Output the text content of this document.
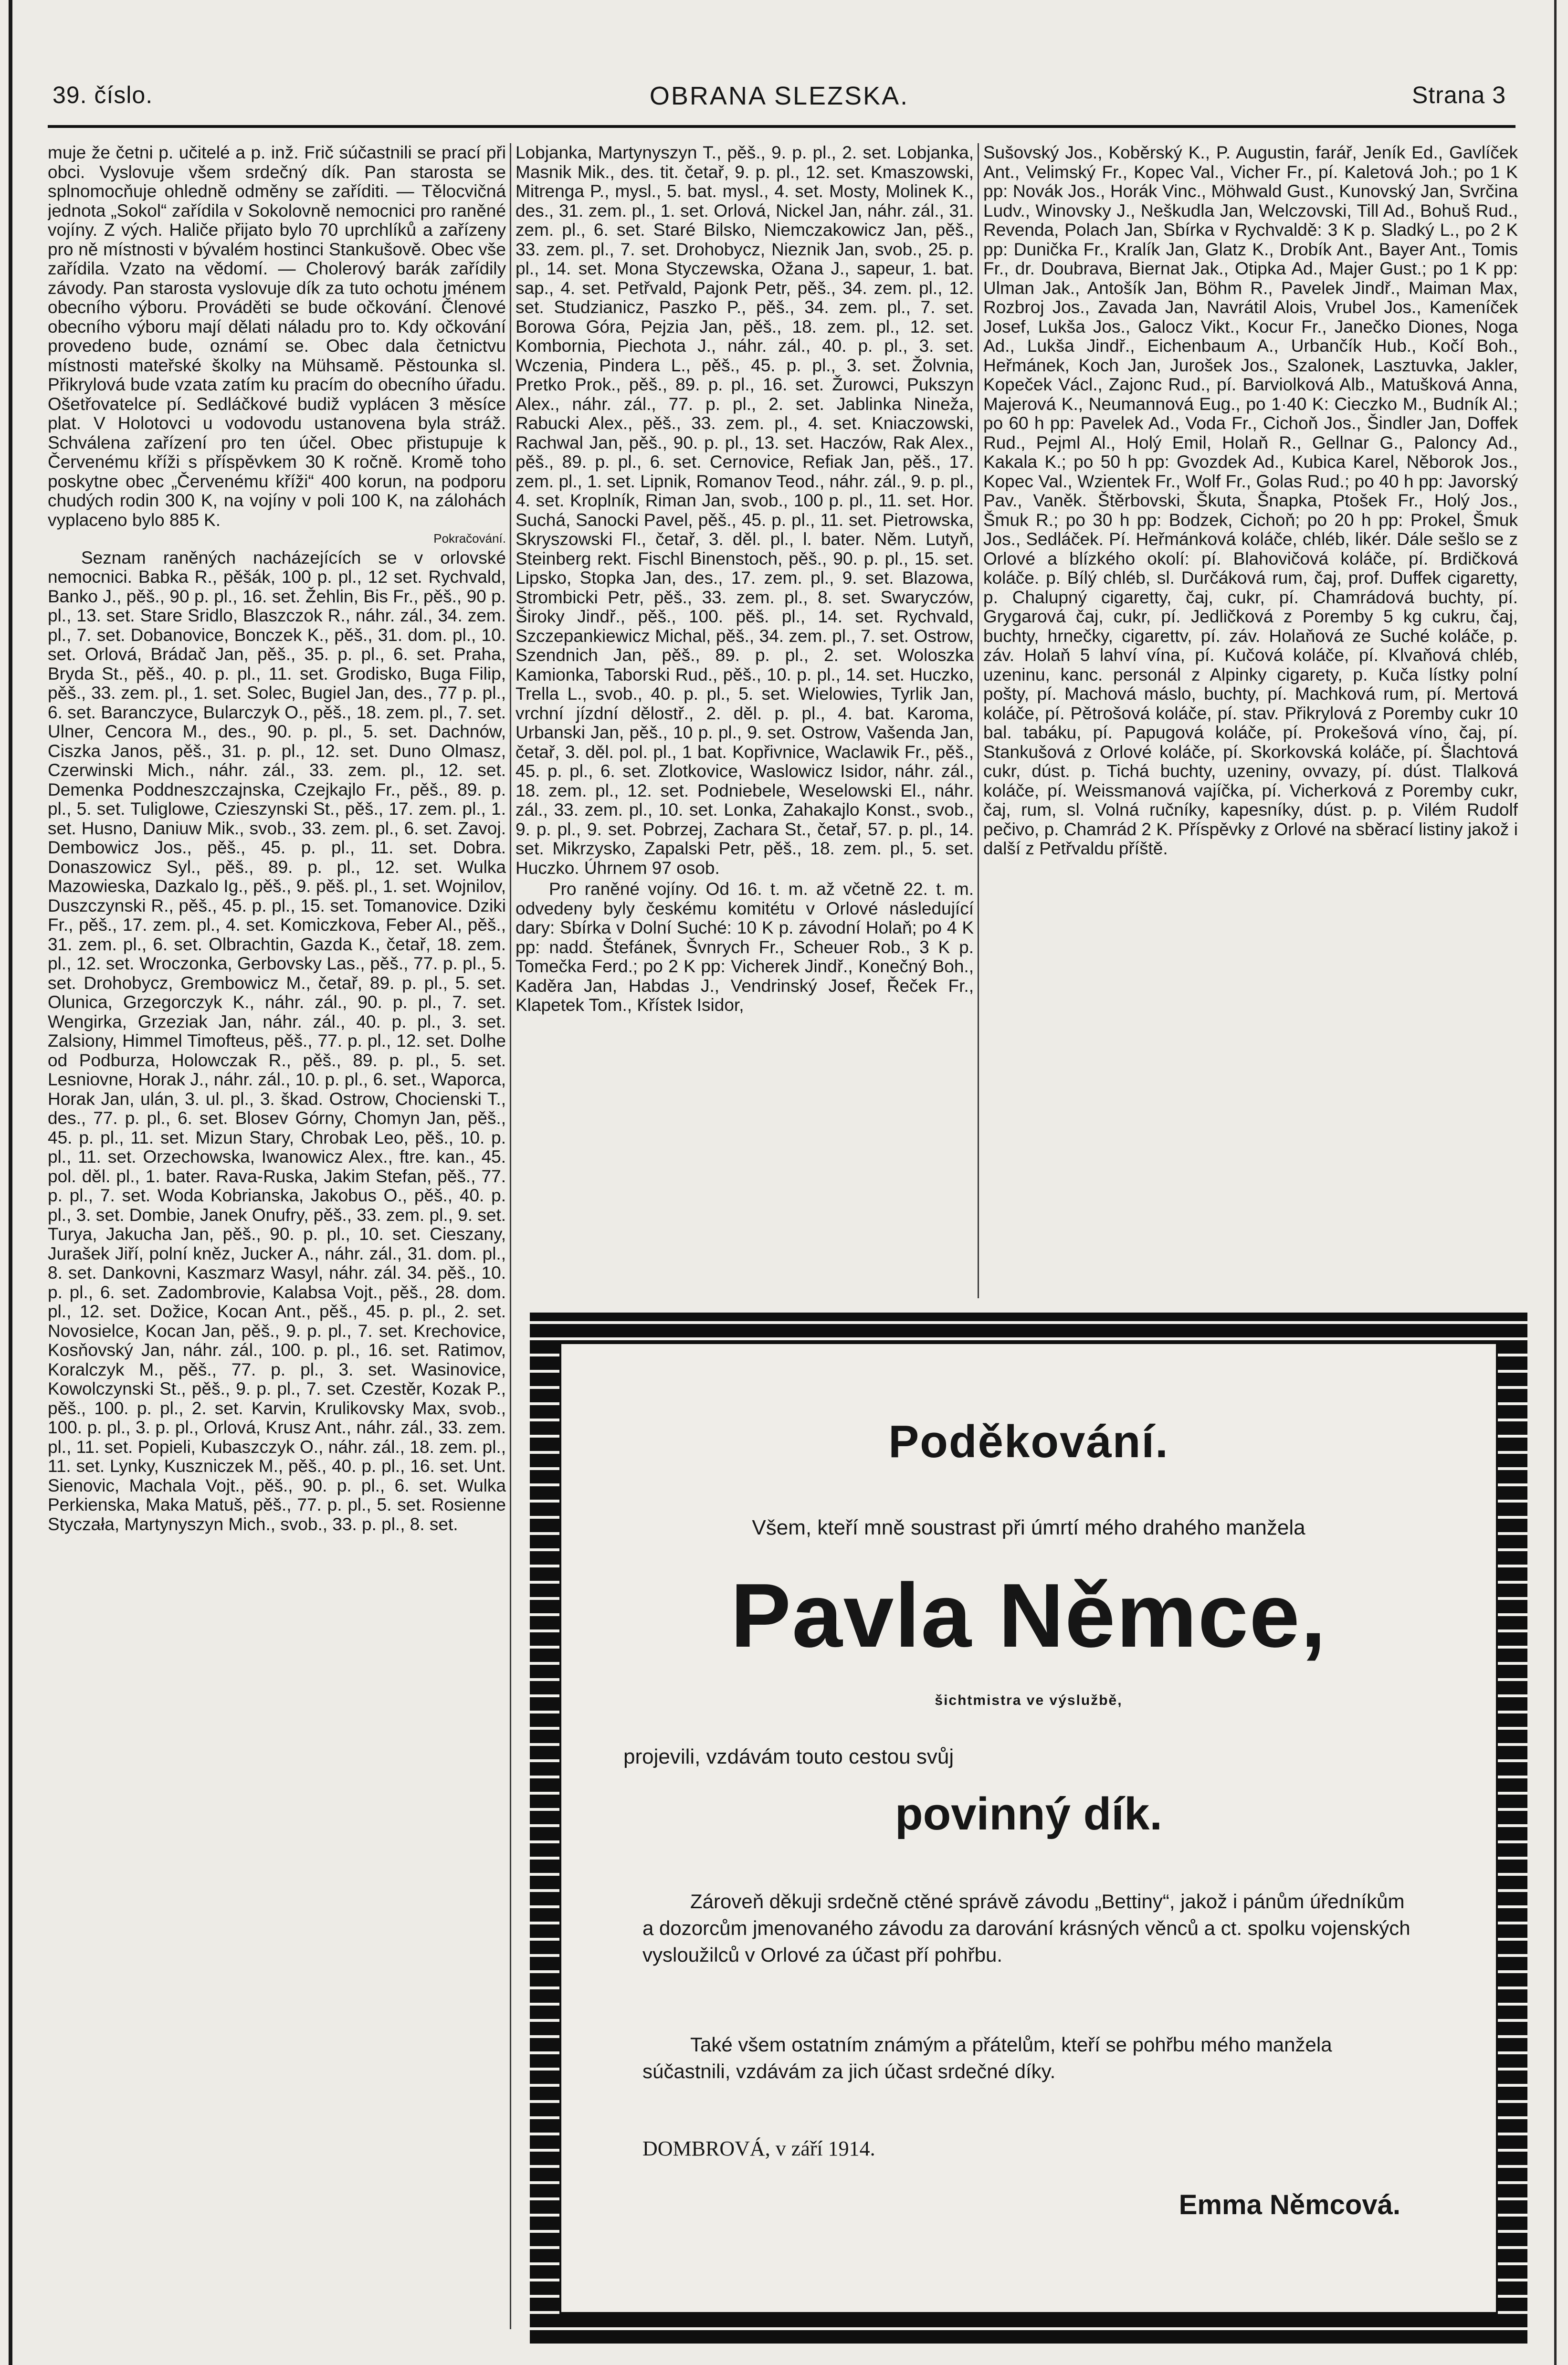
39. číslo.	OBRANA SLEZSKA.	Strana 3

muje že četni p. učitelé a p. inž. Frič súčastnili se prací při obci. Vyslovuje všem srdečný dík. Pan starosta se splnomocňuje ohledně odměny se zaříditi. — Tělocvičná jednota „Sokol“ zařídila v Sokolovně nemocnici pro raněné vojíny. Z vých. Haliče přijato bylo 70 uprchlíků a zařízeny pro ně místnosti v bývalém hostinci Stankušově. Obec vše zařídila. Vzato na vědomí. — Cholerový barák zařídily závody. Pan starosta vyslovuje dík za tuto ochotu jménem obecního výboru. Prováděti se bude očkování. Členové obecního výboru mají dělati náladu pro to. Kdy očkování provedeno bude, oznámí se. Obec dala četnictvu místnosti mateřské školky na Mühsamě. Pěstounka sl. Přikrylová bude vzata zatím ku pracím do obecního úřadu. Ošetřovatelce pí. Sedláčkové budiž vyplácen 3 měsíce plat. V Holotovci u vodovodu ustanovena byla stráž. Schválena zařízení pro ten účel. Obec přistupuje k Červenému kříži s příspěvkem 30 K ročně. Kromě toho poskytne obec „Červenému kříži“ 400 korun, na podporu chudých rodin 300 K, na vojíny v poli 100 K, na zálohách vyplaceno bylo 885 K.

Pokračování.

Seznam raněných nacházejících se v orlovské nemocnici. Babka R., pěšák, 100 p. pl., 12 set. Rychvald, Banko J., pěš., 90 p. pl., 16. set. Žehlin, Bis Fr., pěš., 90 p. pl., 13. set. Stare Sridlo, Blaszczok R., náhr. zál., 34. zem. pl., 7. set. Dobanovice, Bonczek K., pěš., 31. dom. pl., 10. set. Orlová, Brádač Jan, pěš., 35. p. pl., 6. set. Praha, Bryda St., pěš., 40. p. pl., 11. set. Grodisko, Buga Filip, pěš., 33. zem. pl., 1. set. Solec, Bugiel Jan, des., 77 p. pl., 6. set. Baranczyce, Bularczyk O., pěš., 18. zem. pl., 7. set. Ulner, Cencora M., des., 90. p. pl., 5. set. Dachnów, Ciszka Janos, pěš., 31. p. pl., 12. set. Duno Olmasz, Czerwinski Mich., náhr. zál., 33. zem. pl., 12. set. Demenka Poddneszczajnska, Czejkajlo Fr., pěš., 89. p. pl., 5. set. Tuliglowe, Czieszynski St., pěš., 17. zem. pl., 1. set. Husno, Daniuw Mik., svob., 33. zem. pl., 6. set. Zavoj. Dembowicz Jos., pěš., 45. p. pl., 11. set. Dobra. Donaszowicz Syl., pěš., 89. p. pl., 12. set. Wulka Mazowieska, Dazkalo Ig., pěš., 9. pěš. pl., 1. set. Wojnilov, Duszczynski R., pěš., 45. p. pl., 15. set. Tomanovice. Dziki Fr., pěš., 17. zem. pl., 4. set. Komiczkova, Feber Al., pěš., 31. zem. pl., 6. set. Olbrachtin, Gazda K., četař, 18. zem. pl., 12. set. Wroczonka, Gerbovsky Las., pěš., 77. p. pl., 5. set. Drohobycz, Grembowicz M., četař, 89. p. pl., 5. set. Olunica, Grzegorczyk K., náhr. zál., 90. p. pl., 7. set. Wengirka, Grzeziak Jan, náhr. zál., 40. p. pl., 3. set. Zalsiony, Himmel Timofteus, pěš., 77. p. pl., 12. set. Dolhe od Podburza, Holowczak R., pěš., 89. p. pl., 5. set. Lesniovne, Horak J., náhr. zál., 10. p. pl., 6. set., Waporca, Horak Jan, ulán, 3. ul. pl., 3. škad. Ostrow, Chocienski T., des., 77. p. pl., 6. set. Blosev Górny, Chomyn Jan, pěš., 45. p. pl., 11. set. Mizun Stary, Chrobak Leo, pěš., 10. p. pl., 11. set. Orzechowska, Iwanowicz Alex., ftre. kan., 45. pol. děl. pl., 1. bater. Rava-Ruska, Jakim Stefan, pěš., 77. p. pl., 7. set. Woda Kobrianska, Jakobus O., pěš., 40. p. pl., 3. set. Dombie, Janek Onufry, pěš., 33. zem. pl., 9. set. Turya, Jakucha Jan, pěš., 90. p. pl., 10. set. Cieszany, Jurašek Jiří, polní kněz, Jucker A., náhr. zál., 31. dom. pl., 8. set. Dankovni, Kaszmarz Wasyl, náhr. zál. 34. pěš., 10. p. pl., 6. set. Zadombrovie, Kalabsa Vojt., pěš., 28. dom. pl., 12. set. Dožice, Kocan Ant., pěš., 45. p. pl., 2. set. Novosielce, Kocan Jan, pěš., 9. p. pl., 7. set. Krechovice, Kosňovský Jan, náhr. zál., 100. p. pl., 16. set. Ratimov, Koralczyk M., pěš., 77. p. pl., 3. set. Wasinovice, Kowolczynski St., pěš., 9. p. pl., 7. set. Czestěr, Kozak P., pěš., 100. p. pl., 2. set. Karvin, Krulikovsky Max, svob., 100. p. pl., 3. p. pl., Orlová, Krusz Ant., náhr. zál., 33. zem. pl., 11. set. Popieli, Kubaszczyk O., náhr. zál., 18. zem. pl., 11. set. Lynky, Kuszniczek M., pěš., 40. p. pl., 16. set. Unt. Sienovic, Machala Vojt., pěš., 90. p. pl., 6. set. Wulka Perkienska, Maka Matuš, pěš., 77. p. pl., 5. set. Rosienne Styczała, Martynyszyn Mich., svob., 33. p. pl., 8. set.

Lobjanka, Martynyszyn T., pěš., 9. p. pl., 2. set. Lobjanka, Masnik Mik., des. tit. četař, 9. p. pl., 12. set. Kmaszowski, Mitrenga P., mysl., 5. bat. mysl., 4. set. Mosty, Molinek K., des., 31. zem. pl., 1. set. Orlová, Nickel Jan, náhr. zál., 31. zem. pl., 6. set. Staré Bilsko, Niemczakowicz Jan, pěš., 33. zem. pl., 7. set. Drohobycz, Nieznik Jan, svob., 25. p. pl., 14. set. Mona Styczewska, Ožana J., sapeur, 1. bat. sap., 4. set. Petřvald, Pajonk Petr, pěš., 34. zem. pl., 12. set. Studzianicz, Paszko P., pěš., 34. zem. pl., 7. set. Borowa Góra, Pejzia Jan, pěš., 18. zem. pl., 12. set. Kombornia, Piechota J., náhr. zál., 40. p. pl., 3. set. Wczenia, Pindera L., pěš., 45. p. pl., 3. set. Žolvnia, Pretko Prok., pěš., 89. p. pl., 16. set. Žurowci, Pukszyn Alex., náhr. zál., 77. p. pl., 2. set. Jablinka Nineža, Rabucki Alex., pěš., 33. zem. pl., 4. set. Kniaczowski, Rachwal Jan, pěš., 90. p. pl., 13. set. Haczów, Rak Alex., pěš., 89. p. pl., 6. set. Cernovice, Refiak Jan, pěš., 17. zem. pl., 1. set. Lipnik, Romanov Teod., náhr. zál., 9. p. pl., 4. set. Kroplník, Riman Jan, svob., 100 p. pl., 11. set. Hor. Suchá, Sanocki Pavel, pěš., 45. p. pl., 11. set. Pietrowska, Skryszowski Fl., četař, 3. děl. pl., l. bater. Něm. Lutyň, Steinberg rekt. Fischl Binenstoch, pěš., 90. p. pl., 15. set. Lipsko, Stopka Jan, des., 17. zem. pl., 9. set. Blazowa, Strombicki Petr, pěš., 33. zem. pl., 8. set. Swaryczów, Široky Jindř., pěš., 100. pěš. pl., 14. set. Rychvald, Szczepankiewicz Michal, pěš., 34. zem. pl., 7. set. Ostrow, Szendnich Jan, pěš., 89. p. pl., 2. set. Woloszka Kamionka, Taborski Rud., pěš., 10. p. pl., 14. set. Huczko, Trella L., svob., 40. p. pl., 5. set. Wielowies, Tyrlik Jan, vrchní jízdní dělostř., 2. děl. p. pl., 4. bat. Karoma, Urbanski Jan, pěš., 10 p. pl., 9. set. Ostrow, Vašenda Jan, četař, 3. děl. pol. pl., 1 bat. Kopřivnice, Waclawik Fr., pěš., 45. p. pl., 6. set. Zlotkovice, Waslowicz Isidor, náhr. zál., 18. zem. pl., 12. set. Podniebele, Weselowski El., náhr. zál., 33. zem. pl., 10. set. Lonka, Zahakajlo Konst., svob., 9. p. pl., 9. set. Pobrzej, Zachara St., četař, 57. p. pl., 14. set. Mikrzysko, Zapalski Petr, pěš., 18. zem. pl., 5. set. Huczko. Úhrnem 97 osob.

Pro raněné vojíny. Od 16. t. m. až včetně 22. t. m. odvedeny byly českému komitétu v Orlové následující dary: Sbírka v Dolní Suché: 10 K p. závodní Holaň; po 4 K pp: nadd. Štefánek, Švnrych Fr., Scheuer Rob., 3 K p. Tomečka Ferd.; po 2 K pp: Vicherek Jindř., Konečný Boh., Kaděra Jan, Habdas J., Vendrinský Josef, Řeček Fr., Klapetek Tom., Křístek Isidor,

Sušovský Jos., Koběrský K., P. Augustin, farář, Jeník Ed., Gavlíček Ant., Velimský Fr., Kopec Val., Vicher Fr., pí. Kaletová Joh.; po 1 K pp: Novák Jos., Horák Vinc., Möhwald Gust., Kunovský Jan, Svrčina Ludv., Winovsky J., Neškudla Jan, Welczovski, Till Ad., Bohuš Rud., Revenda, Polach Jan, Sbírka v Rychvaldě: 3 K p. Sladký L., po 2 K pp: Dunička Fr., Kralík Jan, Glatz K., Drobík Ant., Bayer Ant., Tomis Fr., dr. Doubrava, Biernat Jak., Otipka Ad., Majer Gust.; po 1 K pp: Ulman Jak., Antošík Jan, Böhm R., Pavelek Jindř., Maiman Max, Rozbroj Jos., Zavada Jan, Navrátil Alois, Vrubel Jos., Kameníček Josef, Lukša Jos., Galocz Vikt., Kocur Fr., Janečko Diones, Noga Ad., Lukša Jindř., Eichenbaum A., Urbančík Hub., Kočí Boh., Heřmánek, Koch Jan, Jurošek Jos., Szalonek, Lasztuvka, Jakler, Kopeček Václ., Zajonc Rud., pí. Barviolková Alb., Matušková Anna, Majerová K., Neumannová Eug., po 1·40 K: Cieczko M., Budník Al.; po 60 h pp: Pavelek Ad., Voda Fr., Cichoň Jos., Šindler Jan, Doffek Rud., Pejml Al., Holý Emil, Holaň R., Gellnar G., Paloncy Ad., Kakala K.; po 50 h pp: Gvozdek Ad., Kubica Karel, Něborok Jos., Kopec Val., Wzientek Fr., Wolf Fr., Golas Rud.; po 40 h pp: Javorský Pav., Vaněk. Štěrbovski, Škuta, Šnapka, Ptošek Fr., Holý Jos., Šmuk R.; po 30 h pp: Bodzek, Cichoň; po 20 h pp: Prokel, Šmuk Jos., Sedláček. Pí. Heřmánková koláče, chléb, likér. Dále sešlo se z Orlové a blízkého okolí: pí. Blahovičová koláče, pí. Brdičková koláče. p. Bílý chléb, sl. Durčáková rum, čaj, prof. Duffek cigaretty, p. Chalupný cigaretty, čaj, cukr, pí. Chamrádová buchty, pí. Grygarová čaj, cukr, pí. Jedličková z Poremby 5 kg cukru, čaj, buchty, hrnečky, cigarettv, pí. záv. Holaňová ze Suché koláče, p. záv. Holaň 5 lahví vína, pí. Kučová koláče, pí. Klvaňová chléb, uzeninu, kanc. personál z Alpinky cigarety, p. Kuča lístky polní pošty, pí. Machová máslo, buchty, pí. Machková rum, pí. Mertová koláče, pí. Pětrošová koláče, pí. stav. Přikrylová z Poremby cukr 10 bal. tabáku, pí. Papugová koláče, pí. Prokešová víno, čaj, pí. Stankušová z Orlové koláče, pí. Skorkovská koláče, pí. Šlachtová cukr, dúst. p. Tichá buchty, uzeniny, ovvazy, pí. dúst. Tlalková koláče, pí. Weissmanová vajíčka, pí. Vicherková z Poremby cukr, čaj, rum, sl. Volná ručníky, kapesníky, dúst. p. p. Vilém Rudolf pečivo, p. Chamrád 2 K. Příspěvky z Orlové na sběrací listiny jakož i další z Petřvaldu příště.

Poděkování.
Všem, kteří mně soustrast při úmrtí mého drahého manžela
Pavla Němce,
šichtmistra ve výslužbě,
projevili, vzdávám touto cestou svůj
povinný dík.
Zároveň děkuji srdečně ctěné správě závodu „Bettiny“, jakož i pánům úředníkům a dozorcům jmenovaného závodu za darování krásných věnců a ct. spolku vojenských vysloužilců v Orlové za účast pří pohřbu.
Také všem ostatním známým a přátelům, kteří se pohřbu mého manžela súčastnili, vzdávám za jich účast srdečné díky.
DOMBROVÁ, v září 1914.
Emma Němcová.
